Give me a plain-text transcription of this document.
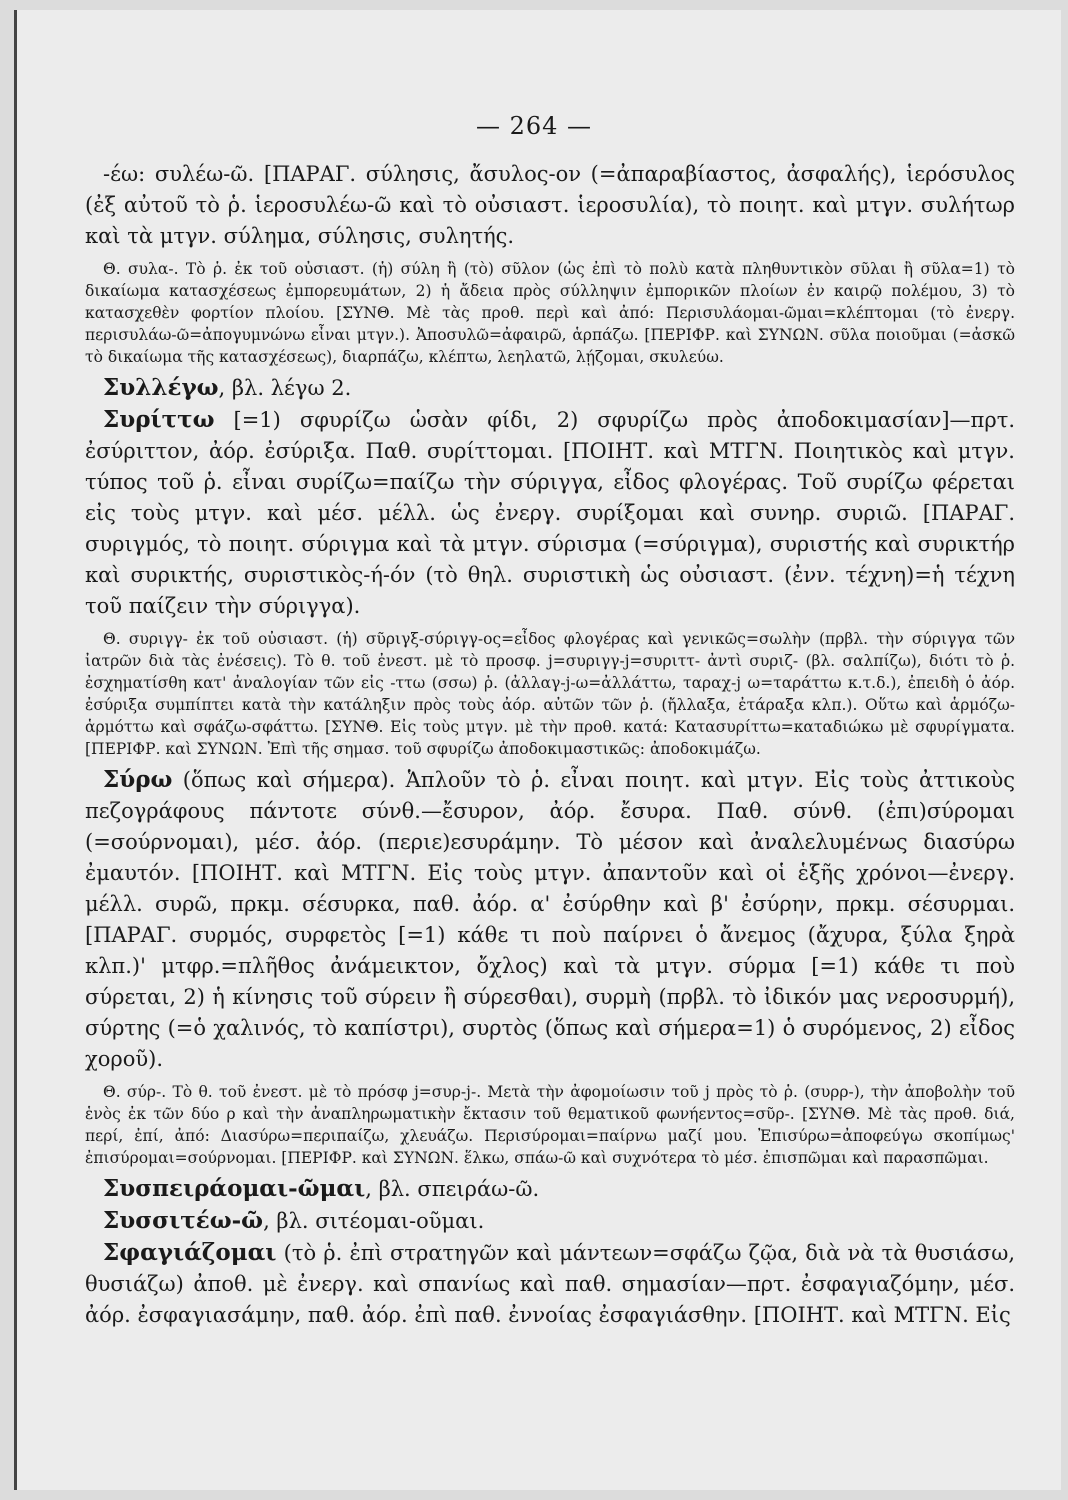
— 264 —

-έω: συλέω-ῶ. [ΠΑΡΑΓ. σύλησις, ἄσυλος-ον (=ἀπαραβίαστος, ἀσφαλής), ἱερόσυλος (ἐξ αὐτοῦ τὸ ῥ. ἱεροσυλέω-ῶ καὶ τὸ οὐσιαστ. ἱεροσυλία), τὸ ποιητ. καὶ μτγν. συλήτωρ καὶ τὰ μτγν. σύλημα, σύλησις, συλητής.

Θ. συλα-. Τὸ ῥ. ἐκ τοῦ οὐσιαστ. (ἡ) σύλη ἢ (τὸ) σῦλον (ὡς ἐπὶ τὸ πολὺ κατὰ πληθυντικὸν σῦλαι ἢ σῦλα=1) τὸ δικαίωμα κατασχέσεως ἐμπορευμάτων, 2) ἡ ἄδεια πρὸς σύλληψιν ἐμπορικῶν πλοίων ἐν καιρῷ πολέμου, 3) τὸ κατασχεθὲν φορτίον πλοίου. [ΣΥΝΘ. Μὲ τὰς προθ. περὶ καὶ ἀπό: Περισυλάομαι-ῶμαι=κλέπτομαι (τὸ ἐνεργ. περισυλάω-ῶ=ἀπογυμνώνω εἶναι μτγν.). Ἀποσυλῶ=ἀφαιρῶ, ἁρπάζω. [ΠΕΡΙΦΡ. καὶ ΣΥΝΩΝ. σῦλα ποιοῦμαι (=ἀσκῶ τὸ δικαίωμα τῆς κατασχέσεως), διαρπάζω, κλέπτω, λεηλατῶ, λῄζομαι, σκυλεύω.

Συλλέγω, βλ. λέγω 2.

Συρίττω [=1) σφυρίζω ὡσὰν φίδι, 2) σφυρίζω πρὸς ἀποδοκιμασίαν]—πρτ. ἐσύριττον, ἀόρ. ἐσύριξα. Παθ. συρίττομαι. [ΠΟΙΗΤ. καὶ ΜΤΓΝ. Ποιητικὸς καὶ μτγν. τύπος τοῦ ῥ. εἶναι συρίζω=παίζω τὴν σύριγγα, εἶδος φλογέρας. Τοῦ συρίζω φέρεται εἰς τοὺς μτγν. καὶ μέσ. μέλλ. ὡς ἐνεργ. συρίξομαι καὶ συνηρ. συριῶ. [ΠΑΡΑΓ. συριγμός, τὸ ποιητ. σύριγμα καὶ τὰ μτγν. σύρισμα (=σύριγμα), συριστής καὶ συρικτήρ καὶ συρικτής, συριστικὸς-ή-όν (τὸ θηλ. συριστικὴ ὡς οὐσιαστ. (ἐνν. τέχνη)=ἡ τέχνη τοῦ παίζειν τὴν σύριγγα).

Θ. συριγγ- ἐκ τοῦ οὐσιαστ. (ἡ) σῦριγξ-σύριγγ-ος=εἶδος φλογέρας καὶ γενικῶς=σωλὴν (πρβλ. τὴν σύριγγα τῶν ἰατρῶν διὰ τὰς ἐνέσεις). Τὸ θ. τοῦ ἐνεστ. μὲ τὸ προσφ. j=συριγγ-j=συριττ- ἀντὶ συριζ- (βλ. σαλπίζω), διότι τὸ ῥ. ἐσχηματίσθη κατ' ἀναλογίαν τῶν εἰς -ττω (σσω) ῥ. (ἀλλαγ-j-ω=ἀλλάττω, ταραχ-j ω=ταράττω κ.τ.δ.), ἐπειδὴ ὁ ἀόρ. ἐσύριξα συμπίπτει κατὰ τὴν κατάληξιν πρὸς τοὺς ἀόρ. αὐτῶν τῶν ῥ. (ἤλλαξα, ἐτάραξα κλπ.). Οὕτω καὶ ἁρμόζω-ἁρμόττω καὶ σφάζω-σφάττω. [ΣΥΝΘ. Εἰς τοὺς μτγν. μὲ τὴν προθ. κατά: Κατασυρίττω=καταδιώκω μὲ σφυρίγματα. [ΠΕΡΙΦΡ. καὶ ΣΥΝΩΝ. Ἐπὶ τῆς σημασ. τοῦ σφυρίζω ἀποδοκιμαστικῶς: ἀποδοκιμάζω.

Σύρω (ὅπως καὶ σήμερα). Ἁπλοῦν τὸ ῥ. εἶναι ποιητ. καὶ μτγν. Εἰς τοὺς ἀττικοὺς πεζογράφους πάντοτε σύνθ.—ἔσυρον, ἀόρ. ἔσυρα. Παθ. σύνθ. (ἐπι)σύρομαι (=σούρνομαι), μέσ. ἀόρ. (περιε)εσυράμην. Τὸ μέσον καὶ ἀναλελυμένως διασύρω ἐμαυτόν. [ΠΟΙΗΤ. καὶ ΜΤΓΝ. Εἰς τοὺς μτγν. ἀπαντοῦν καὶ οἱ ἑξῆς χρόνοι—ἐνεργ. μέλλ. συρῶ, πρκμ. σέσυρκα, παθ. ἀόρ. α' ἐσύρθην καὶ β' ἐσύρην, πρκμ. σέσυρμαι. [ΠΑΡΑΓ. συρμός, συρφετὸς [=1) κάθε τι ποὺ παίρνει ὁ ἄνεμος (ἄχυρα, ξύλα ξηρὰ κλπ.)' μτφρ.=πλῆθος ἀνάμεικτον, ὄχλος) καὶ τὰ μτγν. σύρμα [=1) κάθε τι ποὺ σύρεται, 2) ἡ κίνησις τοῦ σύρειν ἢ σύρεσθαι), συρμὴ (πρβλ. τὸ ἰδικόν μας νεροσυρμή), σύρτης (=ὁ χαλινός, τὸ καπίστρι), συρτὸς (ὅπως καὶ σήμερα=1) ὁ συρόμενος, 2) εἶδος χοροῦ).

Θ. σύρ-. Τὸ θ. τοῦ ἐνεστ. μὲ τὸ πρόσφ j=συρ-j-. Μετὰ τὴν ἀφομοίωσιν τοῦ j πρὸς τὸ ῥ. (συρρ-), τὴν ἀποβολὴν τοῦ ἑνὸς ἐκ τῶν δύο ρ καὶ τὴν ἀναπληρωματικὴν ἔκτασιν τοῦ θεματικοῦ φωνήεντος=σῦρ-. [ΣΥΝΘ. Μὲ τὰς προθ. διά, περί, ἐπί, ἀπό: Διασύρω=περιπαίζω, χλευάζω. Περισύρομαι=παίρνω μαζί μου. Ἐπισύρω=ἀποφεύγω σκοπίμως' ἐπισύρομαι=σούρνομαι. [ΠΕΡΙΦΡ. καὶ ΣΥΝΩΝ. ἕλκω, σπάω-ῶ καὶ συχνότερα τὸ μέσ. ἐπισπῶμαι καὶ παρασπῶμαι.

Συσπειράομαι-ῶμαι, βλ. σπειράω-ῶ.

Συσσιτέω-ῶ, βλ. σιτέομαι-οῦμαι.

Σφαγιάζομαι (τὸ ῥ. ἐπὶ στρατηγῶν καὶ μάντεων=σφάζω ζῷα, διὰ νὰ τὰ θυσιάσω, θυσιάζω) ἀποθ. μὲ ἐνεργ. καὶ σπανίως καὶ παθ. σημασίαν—πρτ. ἐσφαγιαζόμην, μέσ. ἀόρ. ἐσφαγιασάμην, παθ. ἀόρ. ἐπὶ παθ. ἐννοίας ἐσφαγιάσθην. [ΠΟΙΗΤ. καὶ ΜΤΓΝ. Εἰς
